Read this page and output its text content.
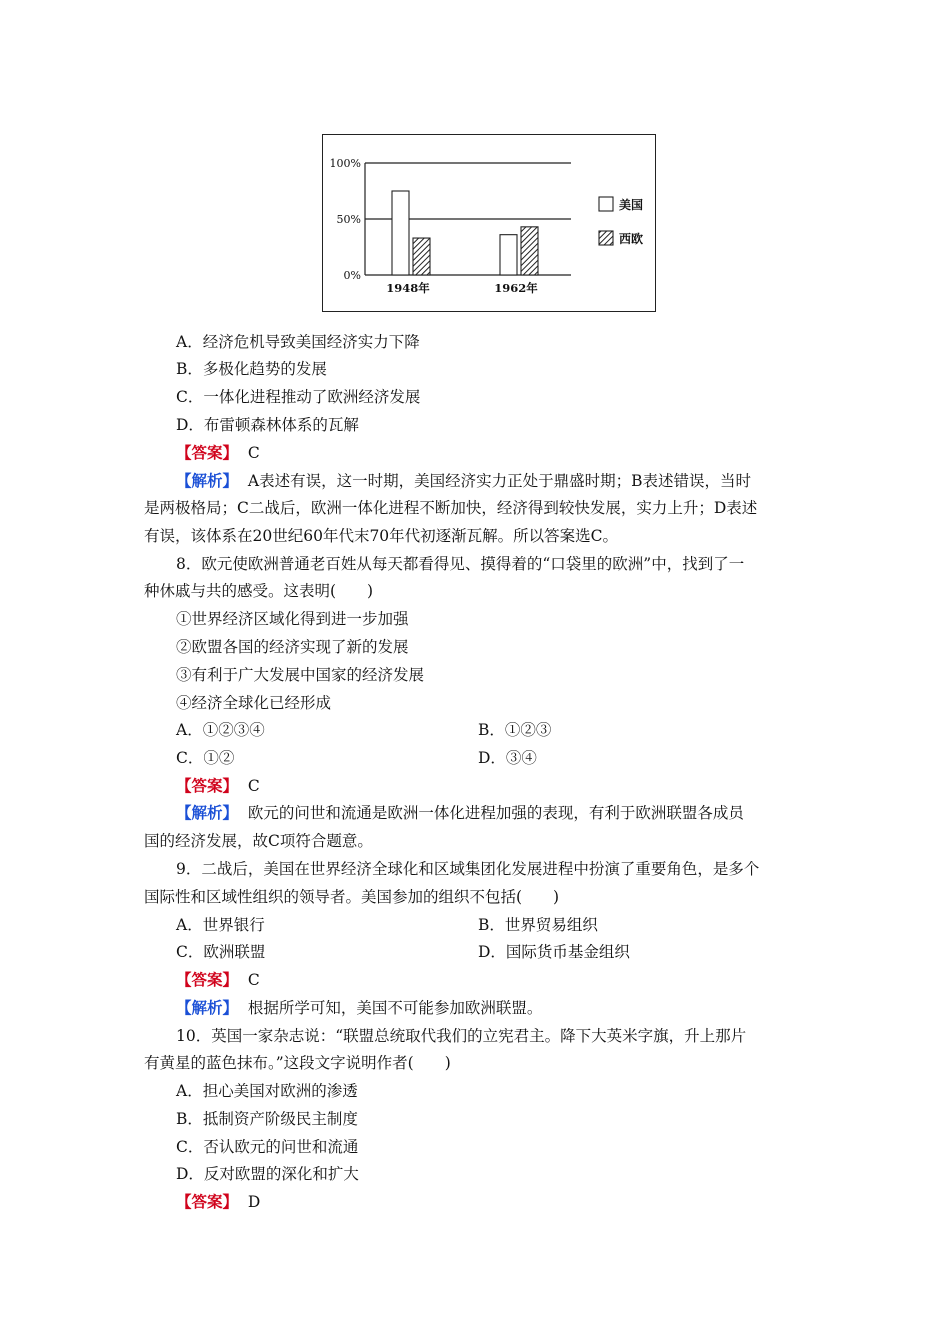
100%
50%
0%
1948年	1962年
美国
西欧
A．经济危机导致美国经济实力下降
B．多极化趋势的发展
C．一体化进程推动了欧洲经济发展
D．布雷顿森林体系的瓦解
【答案】 C
【解析】 A表述有误，这一时期，美国经济实力正处于鼎盛时期；B表述错误，当时
是两极格局；C二战后，欧洲一体化进程不断加快，经济得到较快发展，实力上升；D表述
有误，该体系在20世纪60年代末70年代初逐渐瓦解。所以答案选C。
8．欧元使欧洲普通老百姓从每天都看得见、摸得着的“口袋里的欧洲”中，找到了一
种休戚与共的感受。这表明(　　)
①世界经济区域化得到进一步加强
②欧盟各国的经济实现了新的发展
③有利于广大发展中国家的经济发展
④经济全球化已经形成
A．①②③④	B．①②③
C．①②	D．③④
【答案】 C
【解析】 欧元的问世和流通是欧洲一体化进程加强的表现，有利于欧洲联盟各成员
国的经济发展，故C项符合题意。
9．二战后，美国在世界经济全球化和区域集团化发展进程中扮演了重要角色，是多个
国际性和区域性组织的领导者。美国参加的组织不包括(　　)
A．世界银行	B．世界贸易组织
C．欧洲联盟	D．国际货币基金组织
【答案】 C
【解析】 根据所学可知，美国不可能参加欧洲联盟。
10．英国一家杂志说：“联盟总统取代我们的立宪君主。降下大英米字旗，升上那片
有黄星的蓝色抹布。”这段文字说明作者(　　)
A．担心美国对欧洲的渗透
B．抵制资产阶级民主制度
C．否认欧元的问世和流通
D．反对欧盟的深化和扩大
【答案】 D
